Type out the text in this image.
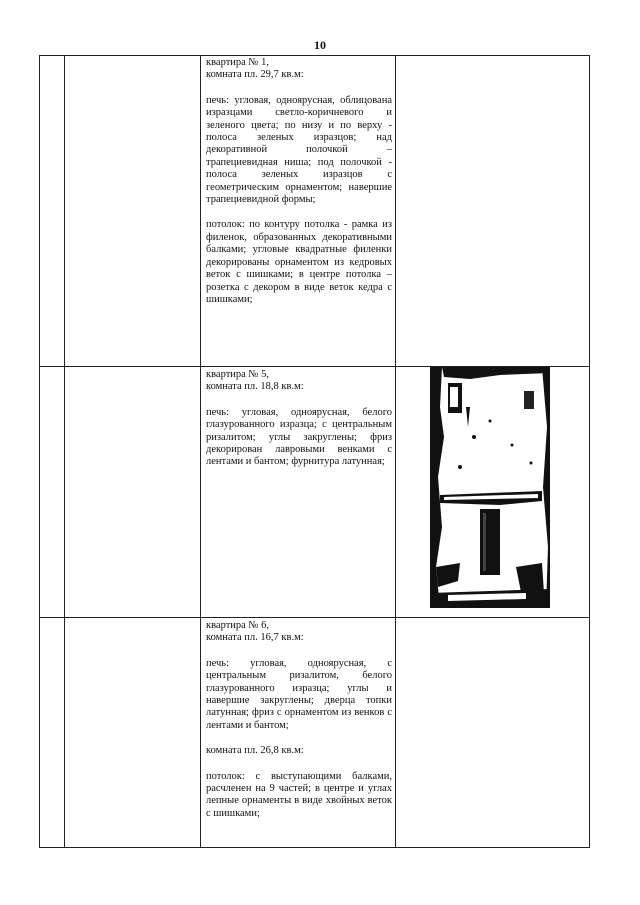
10

квартира № 1,

комната пл. 29,7 кв.м:

печь: угловая, одноярусная, облицована изразцами светло-коричневого и зеленого цвета; по низу и по верху - полоса зеленых изразцов; над декоративной полочкой – трапециевидная ниша; под полочкой - полоса зеленых изразцов с геометрическим орнаментом; навершие трапециевидной формы;

потолок: по контуру потолка - рамка из филенок, образованных декоративными балками; угловые квадратные филенки декорированы орнаментом из кедровых веток с шишками; в центре потолка – розетка с декором в виде веток кедра с шишками;

квартира № 5,

комната пл. 18,8 кв.м:

печь: угловая, одноярусная, белого глазурованного изразца; с центральным ризалитом; углы закруглены; фриз декорирован лавровыми венками с лентами и бантом; фурнитура латунная;

квартира № 6,

комната пл. 16,7 кв.м:

печь: угловая, одноярусная, с центральным ризалитом, белого глазурованного изразца; углы и навершие закруглены; дверца топки латунная; фриз с орнаментом из венков с лентами и бантом;

комната пл. 26,8 кв.м:

потолок: с выступающими балками, расчленен на 9 частей; в центре и углах лепные орнаменты в виде хвойных веток с шишками;
